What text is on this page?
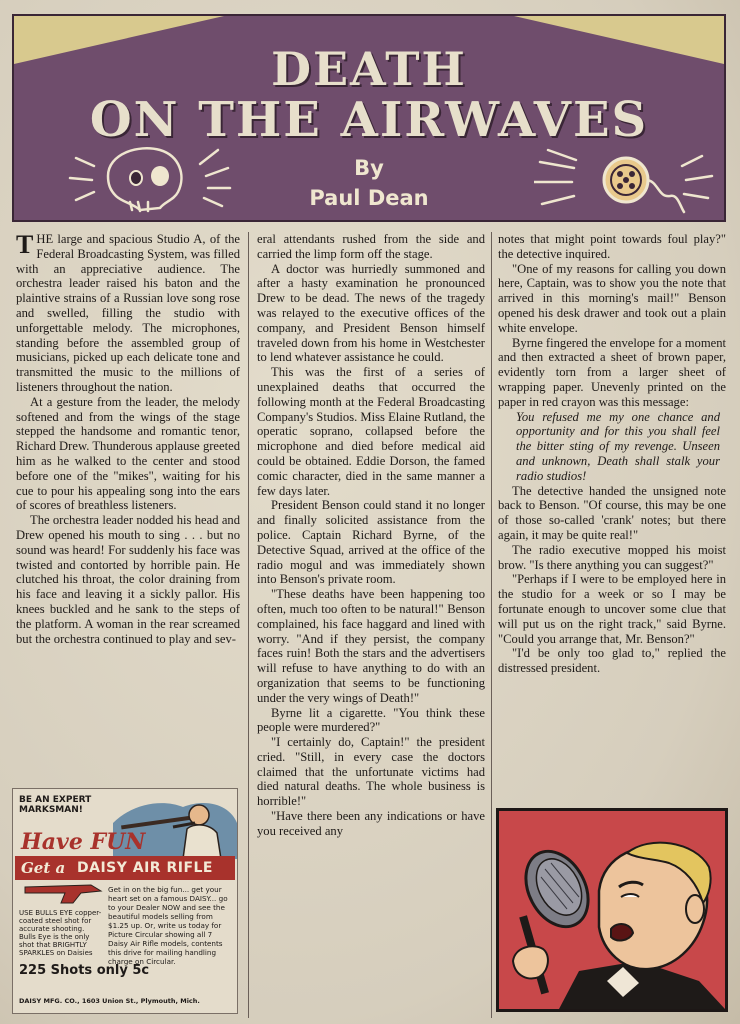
DEATH
ON THE AIRWAVES
By
Paul Dean

THE large and spacious Studio A, of the Federal Broadcasting System, was filled with an appreciative audience. The orchestra leader raised his baton and the plaintive strains of a Russian love song rose and swelled, filling the studio with unforgettable melody. The microphones, standing before the assembled group of musicians, picked up each delicate tone and transmitted the music to the millions of listeners throughout the nation.

At a gesture from the leader, the melody softened and from the wings of the stage stepped the handsome and romantic tenor, Richard Drew. Thunderous applause greeted him as he walked to the center and stood before one of the "mikes", waiting for his cue to pour his appealing song into the ears of scores of breathless listeners.

The orchestra leader nodded his head and Drew opened his mouth to sing . . . but no sound was heard! For suddenly his face was twisted and contorted by horrible pain. He clutched his throat, the color draining from his face and leaving it a sickly pallor. His knees buckled and he sank to the steps of the platform. A woman in the rear screamed but the orchestra continued to play and sev-

eral attendants rushed from the side and carried the limp form off the stage.

A doctor was hurriedly summoned and after a hasty examination he pronounced Drew to be dead. The news of the tragedy was relayed to the executive offices of the company, and President Benson himself traveled down from his home in Westchester to lend whatever assistance he could.

This was the first of a series of unexplained deaths that occurred the following month at the Federal Broadcasting Company's Studios. Miss Elaine Rutland, the operatic soprano, collapsed before the microphone and died before medical aid could be obtained. Eddie Dorson, the famed comic character, died in the same manner a few days later.

President Benson could stand it no longer and finally solicited assistance from the police. Captain Richard Byrne, of the Detective Squad, arrived at the office of the radio mogul and was immediately shown into Benson's private room.

"These deaths have been happening too often, much too often to be natural!" Benson complained, his face haggard and lined with worry. "And if they persist, the company faces ruin! Both the stars and the advertisers will refuse to have anything to do with an organization that seems to be functioning under the very wings of Death!"

Byrne lit a cigarette. "You think these people were murdered?"

"I certainly do, Captain!" the president cried. "Still, in every case the doctors claimed that the unfortunate victims had died natural deaths. The whole business is horrible!"

"Have there been any indications or have you received any

notes that might point towards foul play?" the detective inquired.

"One of my reasons for calling you down here, Captain, was to show you the note that arrived in this morning's mail!" Benson opened his desk drawer and took out a plain white envelope.

Byrne fingered the envelope for a moment and then extracted a sheet of brown paper, evidently torn from a larger sheet of wrapping paper. Unevenly printed on the paper in red crayon was this message:

You refused me my one chance and opportunity and for this you shall feel the bitter sting of my revenge. Unseen and unknown, Death shall stalk your radio studios!

The detective handed the unsigned note back to Benson. "Of course, this may be one of those so-called 'crank' notes; but there again, it may be quite real!"

The radio executive mopped his moist brow. "Is there anything you can suggest?"

"Perhaps if I were to be employed here in the studio for a week or so I may be fortunate enough to uncover some clue that will put us on the right track," said Byrne. "Could you arrange that, Mr. Benson?"

"I'd be only too glad to," replied the distressed president.

BE AN EXPERT MARKSMAN!
Have FUN
Get a DAISY AIR RIFLE
USE BULLS EYE copper-coated steel shot for accurate shooting. Bulls Eye is the only shot that BRIGHTLY SPARKLES on Daisies
Get in on the big fun... get your heart set on a famous DAISY... go to your Dealer NOW and see the beautiful models selling from $1.25 up. Or, write us today for Picture Circular showing all 7 Daisy Air Rifle models, contents this drive for mailing handling charge on Circular.
225 Shots only 5c
DAISY MFG. CO., 1603 Union St., Plymouth, Mich.
